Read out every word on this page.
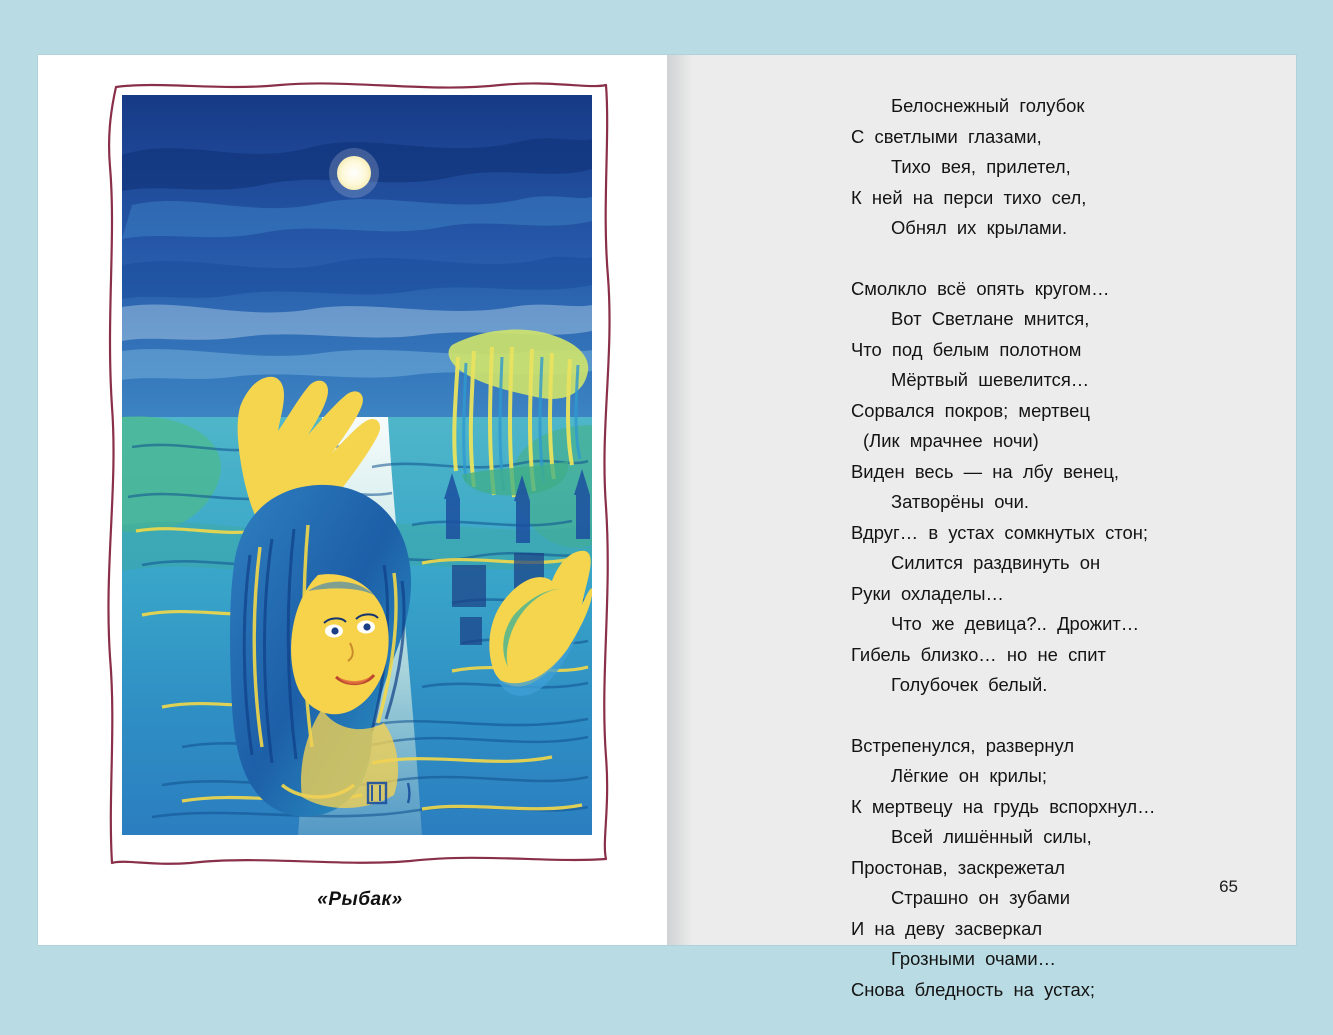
«Рыбак»
Белоснежный  голубок
С  светлыми  глазами,
Тихо  вея,  прилетел,
К  ней  на  перси  тихо  сел,
Обнял  их  крылами.
Смолкло  всё  опять  кругом…
Вот  Светлане  мнится,
Что  под  белым  полотном
Мёртвый  шевелится…
Сорвался  покров;  мертвец
(Лик  мрачнее  ночи)
Виден  весь  —  на  лбу  венец,
Затворёны  очи.
Вдруг…  в  устах  сомкнутых  стон;
Силится  раздвинуть  он
Руки  охладелы…
Что  же  девица?..  Дрожит…
Гибель  близко…  но  не  спит
Голубочек  белый.
Встрепенулся,  развернул
Лёгкие  он  крилы;
К  мертвецу  на  грудь  вспорхнул…
Всей  лишённый  силы,
Простонав,  заскрежетал
Страшно  он  зубами
И  на  деву  засверкал
Грозными  очами…
Снова  бледность  на  устах;
65
